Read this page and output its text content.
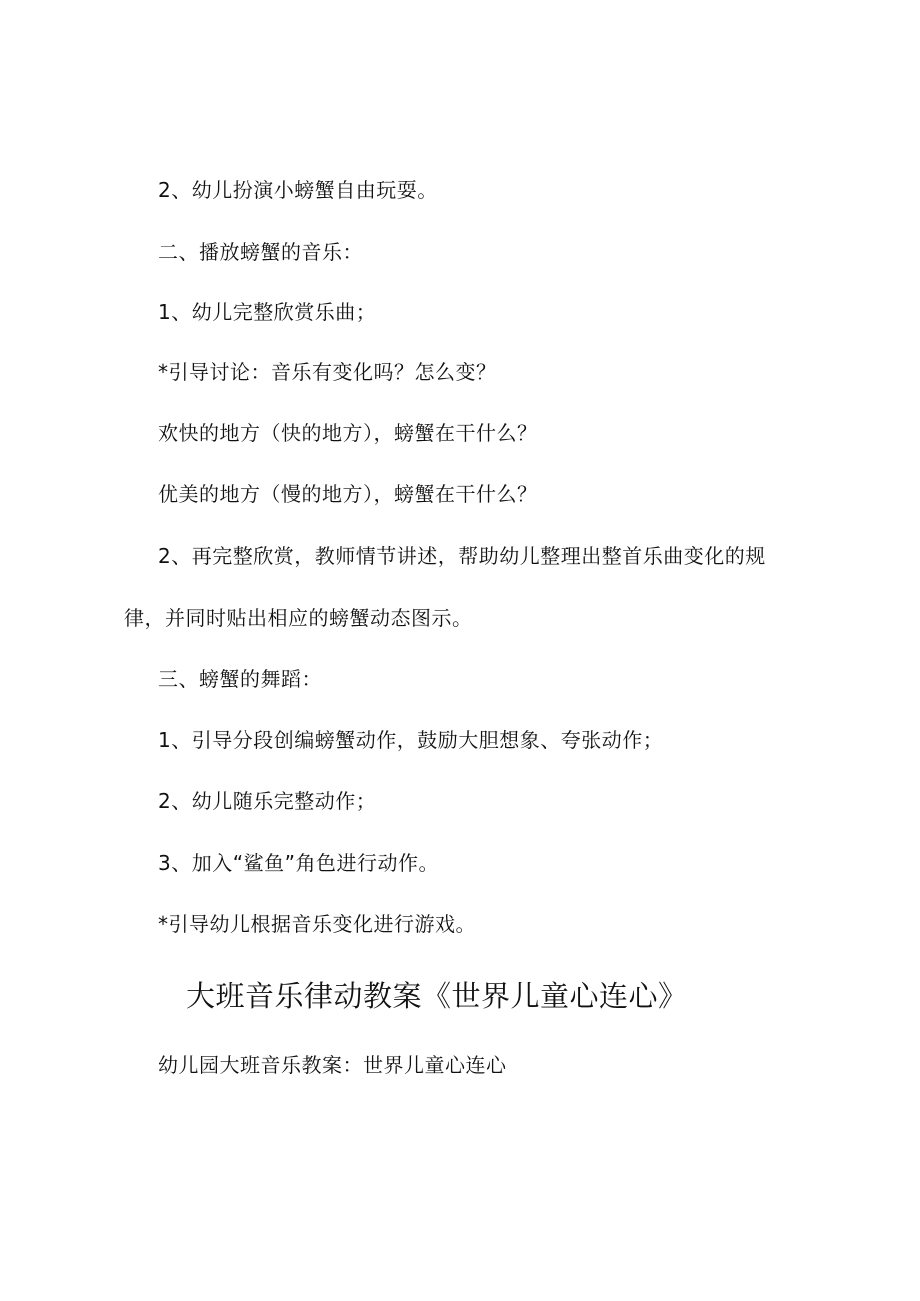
2、幼儿扮演小螃蟹自由玩耍。
二、播放螃蟹的音乐：
1、幼儿完整欣赏乐曲；
*引导讨论：音乐有变化吗？怎么变？
欢快的地方（快的地方），螃蟹在干什么？
优美的地方（慢的地方），螃蟹在干什么？
2、再完整欣赏，教师情节讲述，帮助幼儿整理出整首乐曲变化的规
律，并同时贴出相应的螃蟹动态图示。
三、螃蟹的舞蹈：
1、引导分段创编螃蟹动作，鼓励大胆想象、夸张动作；
2、幼儿随乐完整动作；
3、加入“鲨鱼”角色进行动作。
*引导幼儿根据音乐变化进行游戏。
大班音乐律动教案《世界儿童心连心》
幼儿园大班音乐教案：世界儿童心连心
